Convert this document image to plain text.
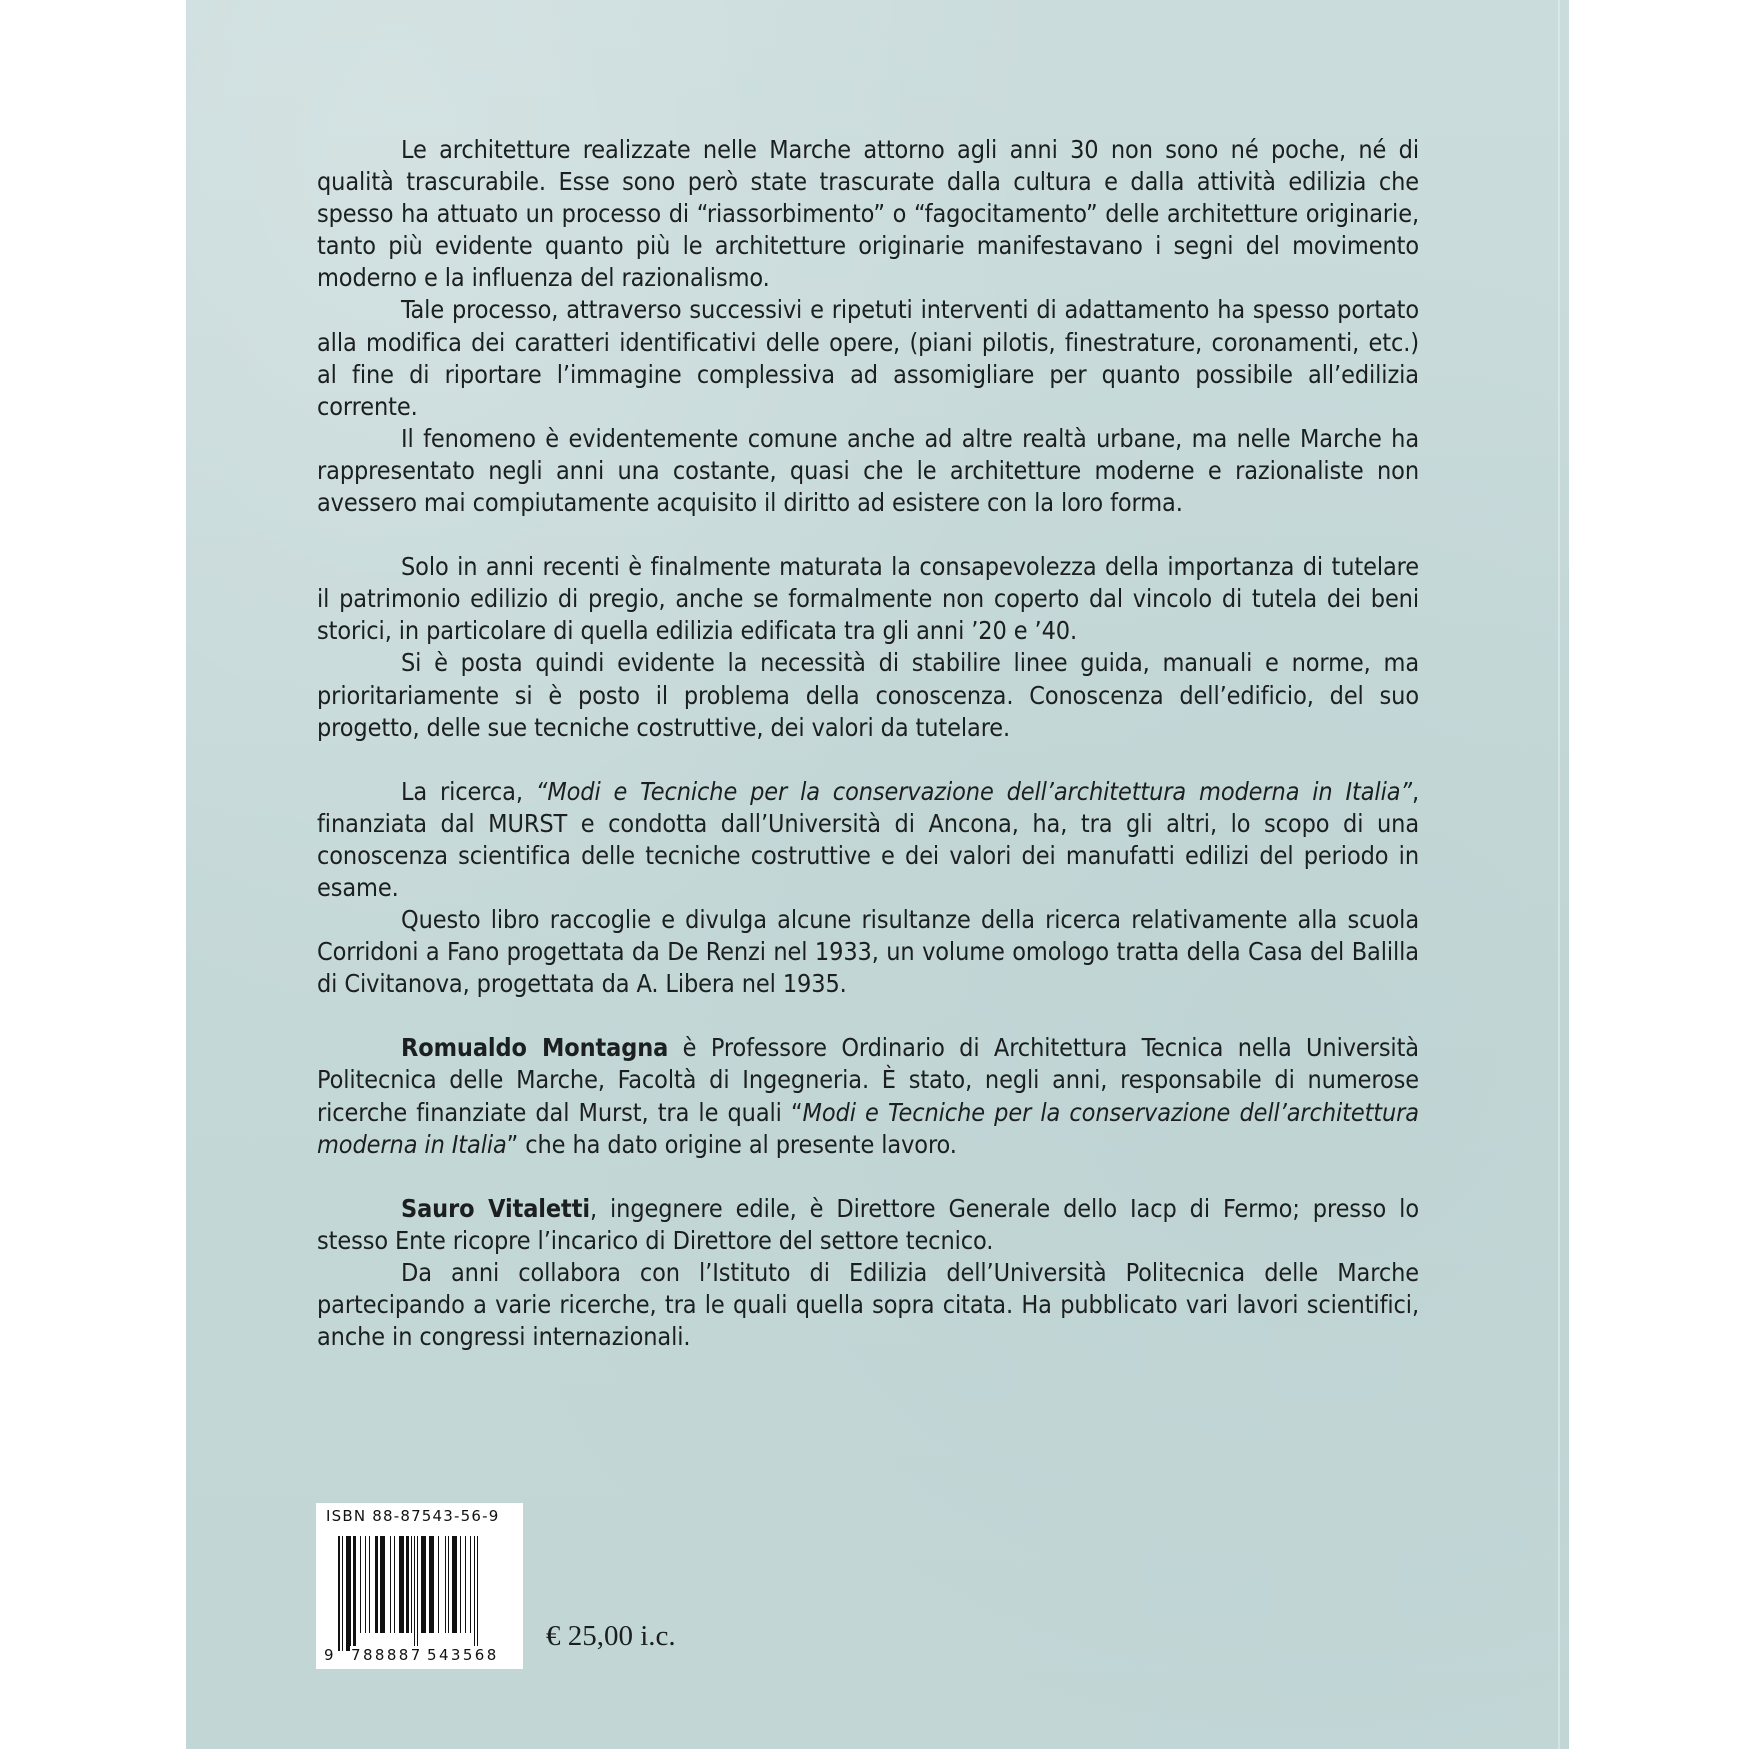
Le architetture realizzate nelle Marche attorno agli anni 30 non sono né poche, né di qualità trascurabile. Esse sono però state trascurate dalla cultura e dalla attività edilizia che spesso ha attuato un processo di “riassorbimento” o “fagocitamento” delle architetture originarie, tanto più evidente quanto più le architetture originarie manifestavano i segni del movimento moderno e la influenza del razionalismo.

Tale processo, attraverso successivi e ripetuti interventi di adattamento ha spesso portato alla modifica dei caratteri identificativi delle opere, (piani pilotis, finestrature, coronamenti, etc.) al fine di riportare l’immagine complessiva ad assomigliare per quanto possibile all’edilizia corrente.

Il fenomeno è evidentemente comune anche ad altre realtà urbane, ma nelle Marche ha rappresentato negli anni una costante, quasi che le architetture moderne e razionaliste non avessero mai compiutamente acquisito il diritto ad esistere con la loro forma.

Solo in anni recenti è finalmente maturata la consapevolezza della importanza di tutelare il patrimonio edilizio di pregio, anche se formalmente non coperto dal vincolo di tutela dei beni storici, in particolare di quella edilizia edificata tra gli anni ’20 e ’40.

Si è posta quindi evidente la necessità di stabilire linee guida, manuali e norme, ma prioritariamente si è posto il problema della conoscenza. Conoscenza dell’edificio, del suo progetto, delle sue tecniche costruttive, dei valori da tutelare.

La ricerca, “Modi e Tecniche per la conservazione dell’architettura moderna in Italia”, finanziata dal MURST e condotta dall’Università di Ancona, ha, tra gli altri, lo scopo di una conoscenza scientifica delle tecniche costruttive e dei valori dei manufatti edilizi del periodo in esame.

Questo libro raccoglie e divulga alcune risultanze della ricerca relativamente alla scuola Corridoni a Fano progettata da De Renzi nel 1933, un volume omologo tratta della Casa del Balilla di Civitanova, progettata da A. Libera nel 1935.

Romualdo Montagna è Professore Ordinario di Architettura Tecnica nella Università Politecnica delle Marche, Facoltà di Ingegneria. È stato, negli anni, responsabile di numerose ricerche finanziate dal Murst, tra le quali “Modi e Tecniche per la conservazione dell’architettura moderna in Italia” che ha dato origine al presente lavoro.

Sauro Vitaletti, ingegnere edile, è Direttore Generale dello Iacp di Fermo; presso lo stesso Ente ricopre l’incarico di Direttore del settore tecnico.

Da anni collabora con l’Istituto di Edilizia dell’Università Politecnica delle Marche partecipando a varie ricerche, tra le quali quella sopra citata. Ha pubblicato vari lavori scientifici, anche in congressi internazionali.

ISBN 88-87543-56-9
9 788887 543568
€ 25,00 i.c.
